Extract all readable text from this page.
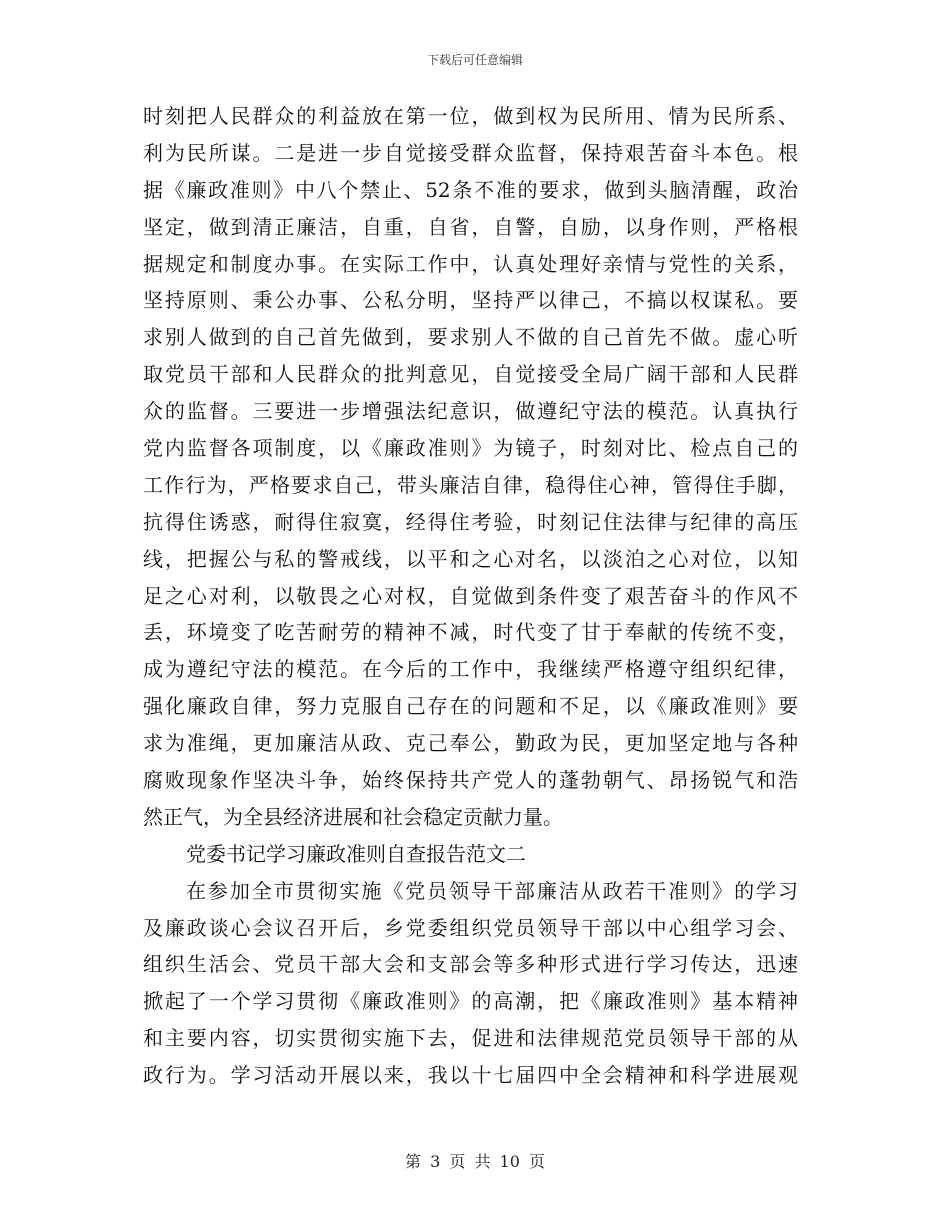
下载后可任意编辑
时刻把人民群众的利益放在第一位，做到权为民所用、情为民所系、
利为民所谋。二是进一步自觉接受群众监督，保持艰苦奋斗本色。根
据《廉政准则》中八个禁止、52条不准的要求，做到头脑清醒，政治
坚定，做到清正廉洁，自重，自省，自警，自励，以身作则，严格根
据规定和制度办事。在实际工作中，认真处理好亲情与党性的关系，
坚持原则、秉公办事、公私分明，坚持严以律己，不搞以权谋私。要
求别人做到的自己首先做到，要求别人不做的自己首先不做。虚心听
取党员干部和人民群众的批判意见，自觉接受全局广阔干部和人民群
众的监督。三要进一步增强法纪意识，做遵纪守法的模范。认真执行
党内监督各项制度，以《廉政准则》为镜子，时刻对比、检点自己的
工作行为，严格要求自己，带头廉洁自律，稳得住心神，管得住手脚，
抗得住诱惑，耐得住寂寞，经得住考验，时刻记住法律与纪律的高压
线，把握公与私的警戒线，以平和之心对名，以淡泊之心对位，以知
足之心对利，以敬畏之心对权，自觉做到条件变了艰苦奋斗的作风不
丢，环境变了吃苦耐劳的精神不减，时代变了甘于奉献的传统不变，
成为遵纪守法的模范。在今后的工作中，我继续严格遵守组织纪律，
强化廉政自律，努力克服自己存在的问题和不足，以《廉政准则》要
求为准绳，更加廉洁从政、克己奉公，勤政为民，更加坚定地与各种
腐败现象作坚决斗争，始终保持共产党人的蓬勃朝气、昂扬锐气和浩
然正气，为全县经济进展和社会稳定贡献力量。
党委书记学习廉政准则自查报告范文二
在参加全市贯彻实施《党员领导干部廉洁从政若干准则》的学习
及廉政谈心会议召开后，乡党委组织党员领导干部以中心组学习会、
组织生活会、党员干部大会和支部会等多种形式进行学习传达，迅速
掀起了一个学习贯彻《廉政准则》的高潮，把《廉政准则》基本精神
和主要内容，切实贯彻实施下去，促进和法律规范党员领导干部的从
政行为。学习活动开展以来，我以十七届四中全会精神和科学进展观
第 3 页 共 10 页
